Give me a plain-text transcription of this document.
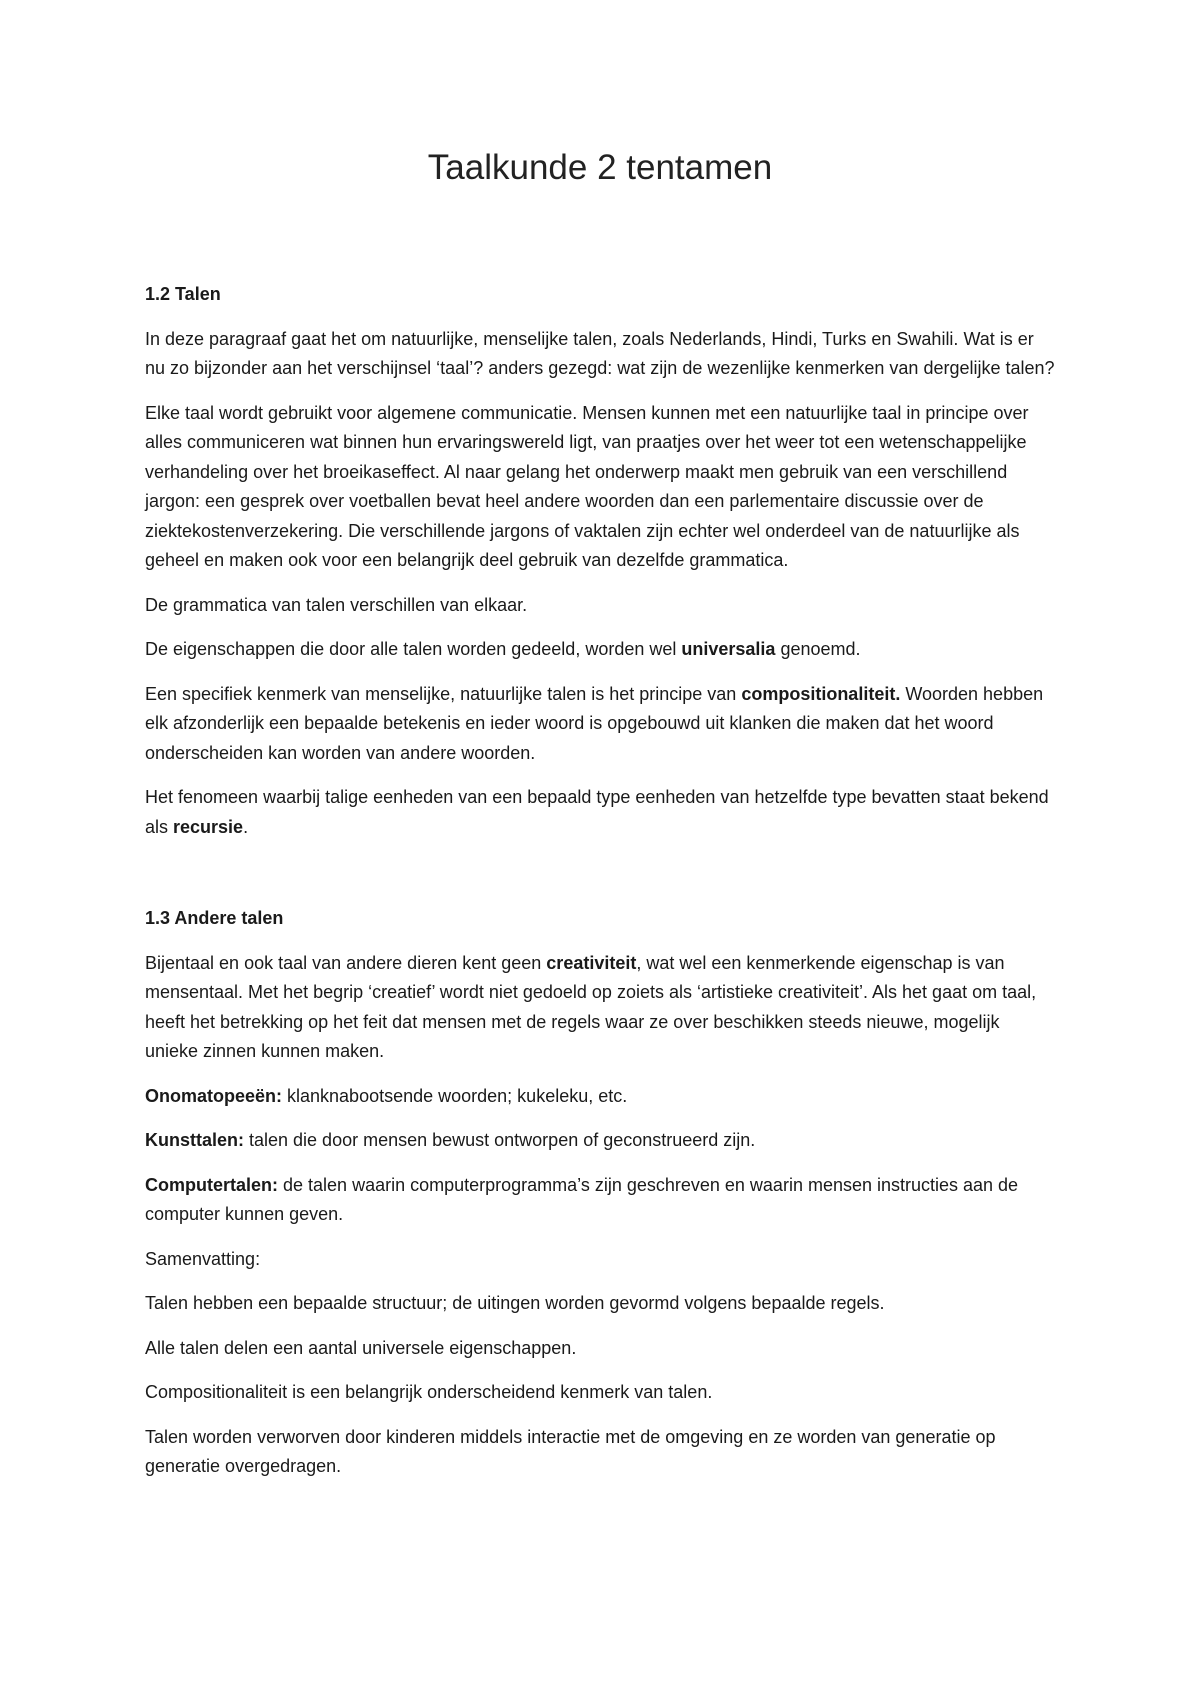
Taalkunde 2 tentamen
1.2 Talen

In deze paragraaf gaat het om natuurlijke, menselijke talen, zoals Nederlands, Hindi, Turks en Swahili. Wat is er nu zo bijzonder aan het verschijnsel ‘taal’? anders gezegd: wat zijn de wezenlijke kenmerken van dergelijke talen?

Elke taal wordt gebruikt voor algemene communicatie. Mensen kunnen met een natuurlijke taal in principe over alles communiceren wat binnen hun ervaringswereld ligt, van praatjes over het weer tot een wetenschappelijke verhandeling over het broeikaseffect. Al naar gelang het onderwerp maakt men gebruik van een verschillend jargon: een gesprek over voetballen bevat heel andere woorden dan een parlementaire discussie over de ziektekostenverzekering. Die verschillende jargons of vaktalen zijn echter wel onderdeel van de natuurlijke als geheel en maken ook voor een belangrijk deel gebruik van dezelfde grammatica.

De grammatica van talen verschillen van elkaar.

De eigenschappen die door alle talen worden gedeeld, worden wel universalia genoemd.

Een specifiek kenmerk van menselijke, natuurlijke talen is het principe van compositionaliteit. Woorden hebben elk afzonderlijk een bepaalde betekenis en ieder woord is opgebouwd uit klanken die maken dat het woord onderscheiden kan worden van andere woorden.

Het fenomeen waarbij talige eenheden van een bepaald type eenheden van hetzelfde type bevatten staat bekend als recursie.

1.3 Andere talen

Bijentaal en ook taal van andere dieren kent geen creativiteit, wat wel een kenmerkende eigenschap is van mensentaal. Met het begrip ‘creatief’ wordt niet gedoeld op zoiets als ‘artistieke creativiteit’. Als het gaat om taal, heeft het betrekking op het feit dat mensen met de regels waar ze over beschikken steeds nieuwe, mogelijk unieke zinnen kunnen maken.

Onomatopeeën: klanknabootsende woorden; kukeleku, etc.

Kunsttalen: talen die door mensen bewust ontworpen of geconstrueerd zijn.

Computertalen: de talen waarin computerprogramma’s zijn geschreven en waarin mensen instructies aan de computer kunnen geven.

Samenvatting:

Talen hebben een bepaalde structuur; de uitingen worden gevormd volgens bepaalde regels.

Alle talen delen een aantal universele eigenschappen.

Compositionaliteit is een belangrijk onderscheidend kenmerk van talen.

Talen worden verworven door kinderen middels interactie met de omgeving en ze worden van generatie op generatie overgedragen.
